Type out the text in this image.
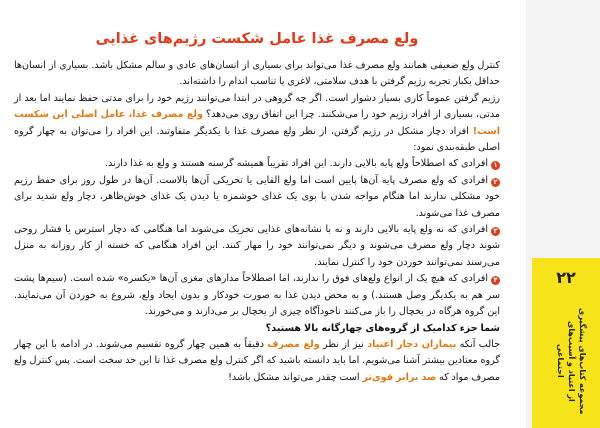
ولع مصرف غذا عامل شکست رژیم‌های غذایی

کنترل ولع ضعیفی همانند ولع مصرف غذا می‌تواند برای بسیاری از انسان‌های عادی و سالم مشکل باشد. بسیاری از انسان‌ها حداقل یکبار تجربه رژیم گرفتن با هدف سلامتی، لاغری یا تناسب اندام را داشته‌اند.

رژیم گرفتن عموماً کاری بسیار دشوار است. اگر چه گروهی در ابتدا می‌توانند رژیم خود را برای مدتی حفظ نمایند اما بعد از مدتی، بسیاری از افراد رژیم خود را می‌شکنند. چرا این اتفاق روی می‌دهد؟ ولع مصرف غذا، عامل اصلی این شکست است! افراد دچار مشکل در رژیم گرفتن، از نظر ولع مصرف غذا با یکدیگر متفاوتند. این افراد را می‌توان به چهار گروه اصلی طبقه‌بندی نمود:

۱افرادی که اصطلاحاً ولع پایه بالایی دارند. این افراد تقریباً همیشه گرسنه هستند و ولع به غذا دارند.

۲افرادی که ولع مصرف پایه آن‌ها پایین است اما ولع القایی یا تحریکی آن‌ها بالاست. آن‌ها در طول روز برای حفظ رژیم خود مشکلی ندارند اما هنگام مواجه شدن با بوی یک غذای خوشمزه یا دیدن یک غذای خوش‌ظاهر، دچار ولع شدید برای مصرف غذا می‌شوند.

۳افرادی که نه ولع پایه بالایی دارند و نه با نشانه‌های غذایی تحریک می‌شوند اما هنگامی که دچار استرس یا فشار روحی شوند دچار ولع مصرف می‌شوند و دیگر نمی‌توانند خود را مهار کنند. این افراد هنگامی که خسته از کار روزانه به منزل می‌رسند نمی‌توانند خوردن خود را کنترل نمایند.

۴افرادی که هیچ یک از انواع ولع‌های فوق را ندارند، اما اصطلاحاً مدارهای مغزی آن‌ها «یکسره» شده است. (سیم‌ها پشت سر هم به یکدیگر وصل هستند.) و به محض دیدن غذا به صورت خودکار و بدون ایجاد ولع، شروع به خوردن آن می‌نمایند. این گروه هرگاه در یخچال را باز می‌کنند ناخودآگاه چیزی از یخچال بر می‌دارند و می‌خورند.

شما جزء کدامیک از گروه‌های چهارگانه بالا هستید؟

جالب آنکه بیماران دچار اعتیاد نیز از نظر ولع مصرف دقیقاً به همین چهار گروه تقسیم می‌شوند. در ادامه با این چهار گروه معتادین بیشتر آشنا می‌شویم. اما باید دانسته باشید که اگر کنترل ولع مصرف غذا تا این حد سخت است. پس کنترل ولع مصرف مواد که صد برابر قوی‌تر است چقدر می‌تواند مشکل باشد!

۲۲
مجموعه کتاب‌های پیشگیری از اعتیاد و آسیب‌های اجتماعی
